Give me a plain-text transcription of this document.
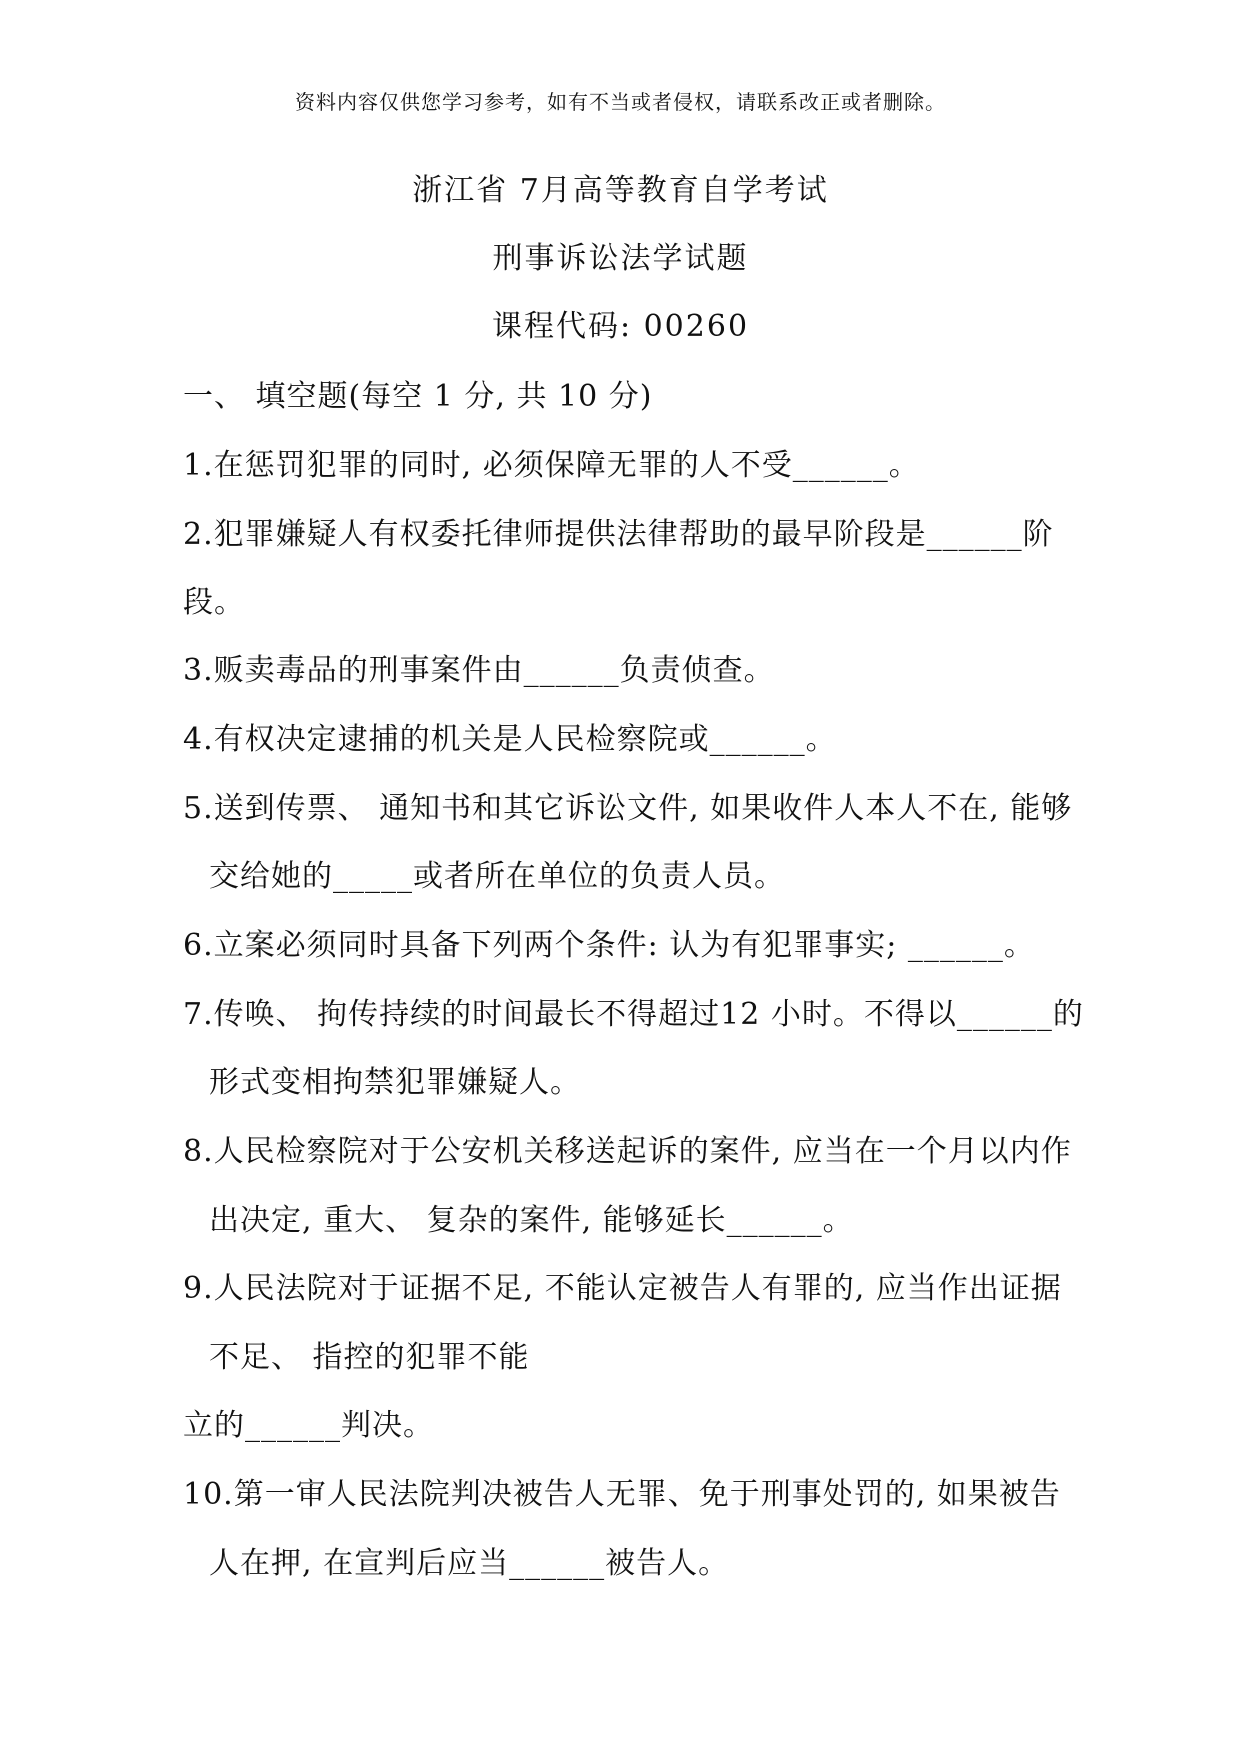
资料内容仅供您学习参考，如有不当或者侵权，请联系改正或者删除。
浙江省 7月高等教育自学考试
刑事诉讼法学试题
课程代码: 00260
一、 填空题(每空 1 分, 共 10 分)
1.在惩罚犯罪的同时, 必须保障无罪的人不受______。
2.犯罪嫌疑人有权委托律师提供法律帮助的最早阶段是______阶
段。
3.贩卖毒品的刑事案件由______负责侦查。
4.有权决定逮捕的机关是人民检察院或______。
5.送到传票、 通知书和其它诉讼文件, 如果收件人本人不在, 能够
交给她的_____或者所在单位的负责人员。
6.立案必须同时具备下列两个条件: 认为有犯罪事实; ______。
7.传唤、 拘传持续的时间最长不得超过12 小时。不得以______的
形式变相拘禁犯罪嫌疑人。
8.人民检察院对于公安机关移送起诉的案件, 应当在一个月以内作
出决定, 重大、 复杂的案件, 能够延长______。
9.人民法院对于证据不足, 不能认定被告人有罪的, 应当作出证据
不足、 指控的犯罪不能
立的______判决。
10.第一审人民法院判决被告人无罪、免于刑事处罚的, 如果被告
人在押, 在宣判后应当______被告人。
